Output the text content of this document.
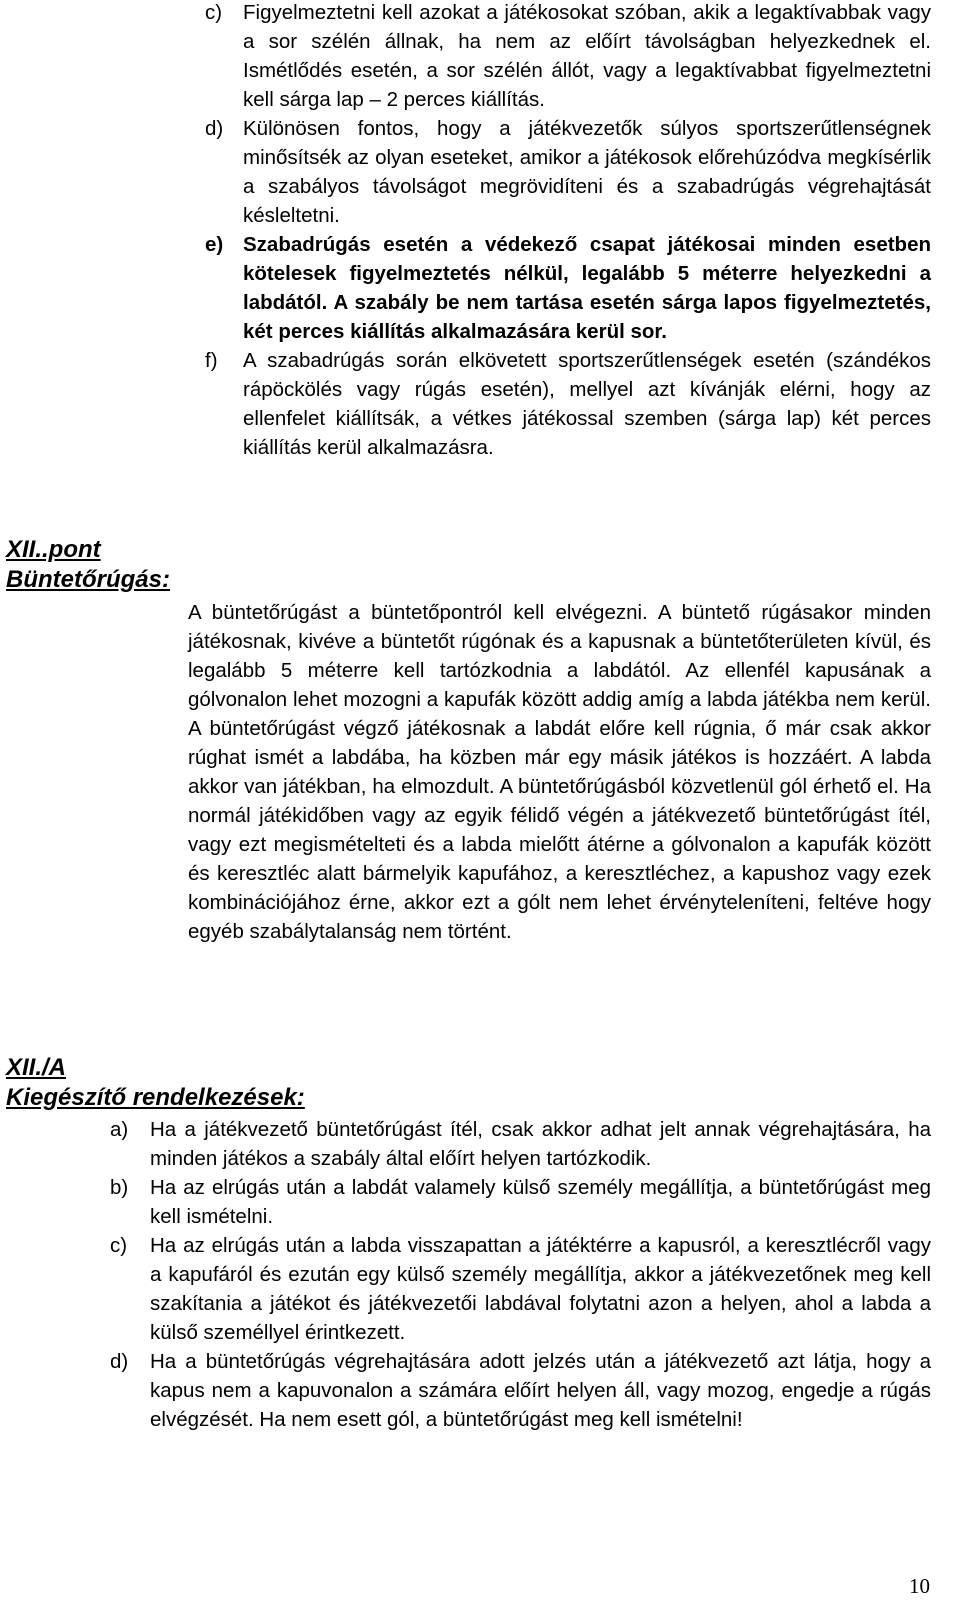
c) Figyelmeztetni kell azokat a játékosokat szóban, akik a legaktívabbak vagy a sor szélén állnak, ha nem az előírt távolságban helyezkednek el. Ismétlődés esetén, a sor szélén állót, vagy a legaktívabbat figyelmeztetni kell sárga lap – 2 perces kiállítás.
d) Különösen fontos, hogy a játékvezetők súlyos sportszerűtlenségnek minősítsék az olyan eseteket, amikor a játékosok előrehúzódva megkísérlik a szabályos távolságot megrövidíteni és a szabadrúgás végrehajtását késleltetni.
e) Szabadrúgás esetén a védekező csapat játékosai minden esetben kötelesek figyelmeztetés nélkül, legalább 5 méterre helyezkedni a labdától. A szabály be nem tartása esetén sárga lapos figyelmeztetés, két perces kiállítás alkalmazására kerül sor.
f) A szabadrúgás során elkövetett sportszerűtlenségek esetén (szándékos rápöckölés vagy rúgás esetén), mellyel azt kívánják elérni, hogy az ellenfelet kiállítsák, a vétkes játékossal szemben (sárga lap) két perces kiállítás kerül alkalmazásra.
XII..pont
Büntetőrúgás:
A büntetőrúgást a büntetőpontról kell elvégezni. A büntető rúgásakor minden játékosnak, kivéve a büntetőt rúgónak és a kapusnak a büntetőterületen kívül, és legalább 5 méterre kell tartózkodnia a labdától. Az ellenfél kapusának a gólvonalon lehet mozogni a kapufák között addig amíg a labda játékba nem kerül. A büntetőrúgást végző játékosnak a labdát előre kell rúgnia, ő már csak akkor rúghat ismét a labdába, ha közben már egy másik játékos is hozzáért. A labda akkor van játékban, ha elmozdult. A büntetőrúgásból közvetlenül gól érhető el. Ha normál játékidőben vagy az egyik félidő végén a játékvezető büntetőrúgást ítél, vagy ezt megismételteti és a labda mielőtt átérne a gólvonalon a kapufák között és keresztléc alatt bármelyik kapufához, a keresztléchez, a kapushoz vagy ezek kombinációjához érne, akkor ezt a gólt nem lehet érvényteleníteni, feltéve hogy egyéb szabálytalanság nem történt.
XII./A
Kiegészítő rendelkezések:
a) Ha a játékvezető büntetőrúgást ítél, csak akkor adhat jelt annak végrehajtására, ha minden játékos a szabály által előírt helyen tartózkodik.
b) Ha az elrúgás után a labdát valamely külső személy megállítja, a büntetőrúgást meg kell ismételni.
c) Ha az elrúgás után a labda visszapattan a játéktérre a kapusról, a keresztlécről vagy a kapufáról és ezután egy külső személy megállítja, akkor a játékvezetőnek meg kell szakítania a játékot és játékvezetői labdával folytatni azon a helyen, ahol a labda a külső személlyel érintkezett.
d) Ha a büntetőrúgás végrehajtására adott jelzés után a játékvezető azt látja, hogy a kapus nem a kapuvonalon a számára előírt helyen áll, vagy mozog, engedje a rúgás elvégzését. Ha nem esett gól, a büntetőrúgást meg kell ismételni!
10
